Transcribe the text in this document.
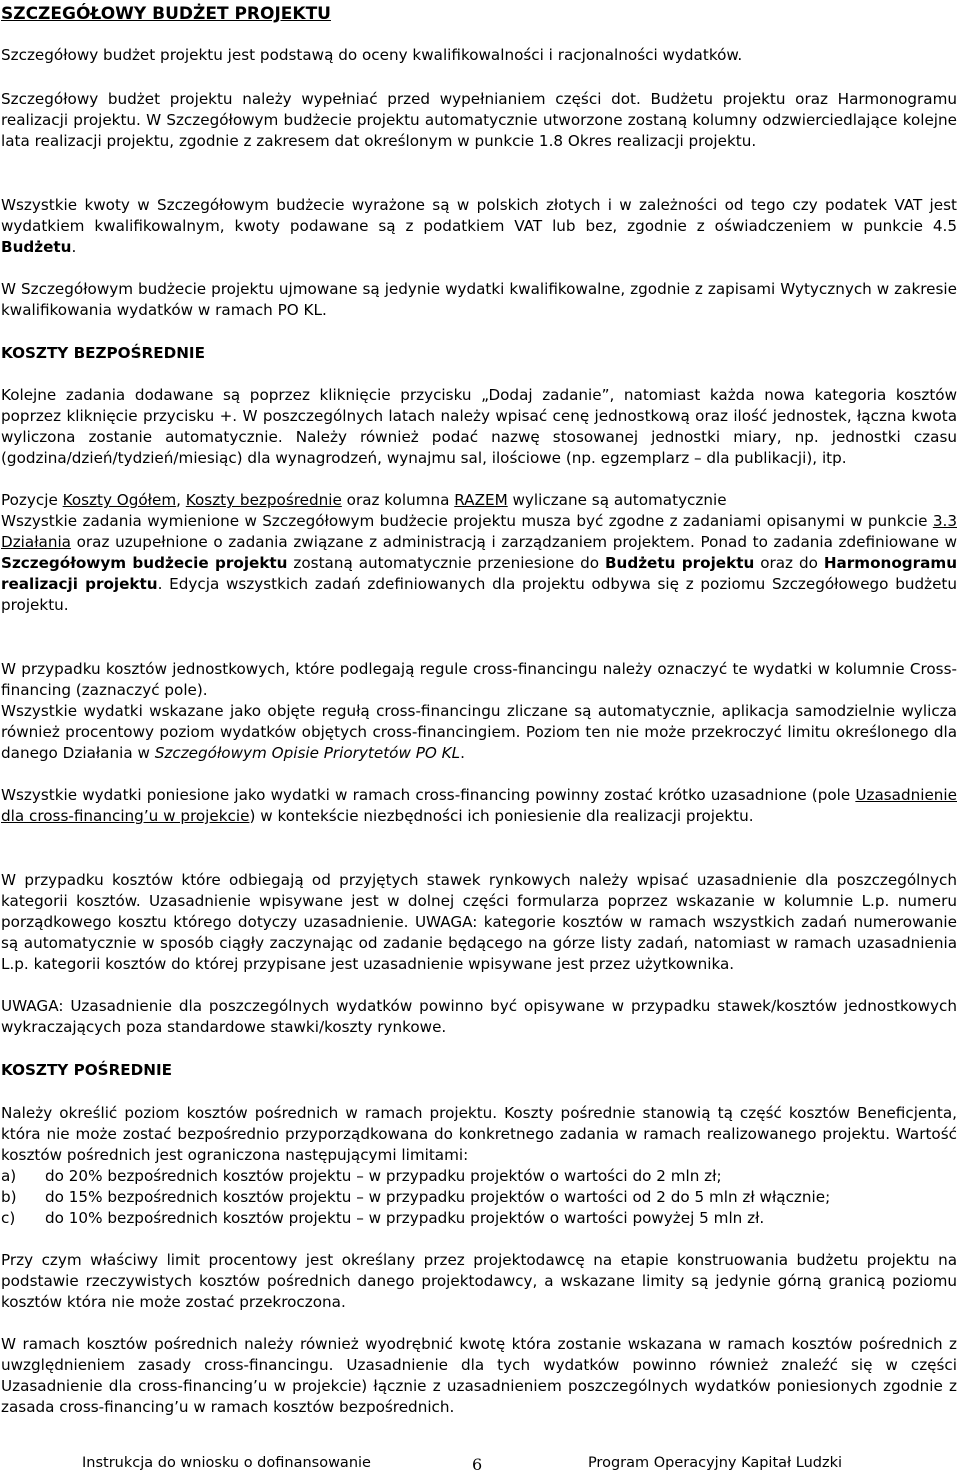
SZCZEGÓŁOWY BUDŻET PROJEKTU

Szczegółowy budżet projektu jest podstawą do oceny kwalifikowalności i racjonalności wydatków.

Szczegółowy budżet projektu należy wypełniać przed wypełnianiem części dot. Budżetu projektu oraz Harmonogramu realizacji projektu. W Szczegółowym budżecie projektu automatycznie utworzone zostaną kolumny odzwierciedlające kolejne lata realizacji projektu, zgodnie z zakresem dat określonym w punkcie 1.8 Okres realizacji projektu.

Wszystkie kwoty w Szczegółowym budżecie wyrażone są w polskich złotych i w zależności od tego czy podatek VAT jest wydatkiem kwalifikowalnym, kwoty podawane są z podatkiem VAT lub bez, zgodnie z oświadczeniem w punkcie 4.5 Budżetu.

W Szczegółowym budżecie projektu ujmowane są jedynie wydatki kwalifikowalne, zgodnie z zapisami Wytycznych w zakresie kwalifikowania wydatków w ramach PO KL.

KOSZTY BEZPOŚREDNIE

Kolejne zadania dodawane są poprzez kliknięcie przycisku „Dodaj zadanie”, natomiast każda nowa kategoria kosztów poprzez kliknięcie przycisku +. W poszczególnych latach należy wpisać cenę jednostkową oraz ilość jednostek, łączna kwota wyliczona zostanie automatycznie. Należy również podać nazwę stosowanej jednostki miary, np. jednostki czasu (godzina/dzień/tydzień/miesiąc) dla wynagrodzeń, wynajmu sal, ilościowe (np. egzemplarz – dla publikacji), itp.

Pozycje Koszty Ogółem, Koszty bezpośrednie oraz kolumna RAZEM wyliczane są automatycznie

Wszystkie zadania wymienione w Szczegółowym budżecie projektu musza być zgodne z zadaniami opisanymi w punkcie 3.3 Działania oraz uzupełnione o zadania związane z administracją i zarządzaniem projektem. Ponad to zadania zdefiniowane w Szczegółowym budżecie projektu zostaną automatycznie przeniesione do Budżetu projektu oraz do Harmonogramu realizacji projektu. Edycja wszystkich zadań zdefiniowanych dla projektu odbywa się z poziomu Szczegółowego budżetu projektu.

W przypadku kosztów jednostkowych, które podlegają regule cross-financingu należy oznaczyć te wydatki w kolumnie Cross-financing (zaznaczyć pole).

Wszystkie wydatki wskazane jako objęte regułą cross-financingu zliczane są automatycznie, aplikacja samodzielnie wylicza również procentowy poziom wydatków objętych cross-financingiem. Poziom ten nie może przekroczyć limitu określonego dla danego Działania w Szczegółowym Opisie Priorytetów PO KL.

Wszystkie wydatki poniesione jako wydatki w ramach cross-financing powinny zostać krótko uzasadnione (pole Uzasadnienie dla cross-financing’u w projekcie) w kontekście niezbędności ich poniesienie dla realizacji projektu.

W przypadku kosztów które odbiegają od przyjętych stawek rynkowych należy wpisać uzasadnienie dla poszczególnych kategorii kosztów. Uzasadnienie wpisywane jest w dolnej części formularza poprzez wskazanie w kolumnie L.p. numeru porządkowego kosztu którego dotyczy uzasadnienie. UWAGA: kategorie kosztów w ramach wszystkich zadań numerowanie są automatycznie w sposób ciągły zaczynając od zadanie będącego na górze listy zadań, natomiast w ramach uzasadnienia L.p. kategorii kosztów do której przypisane jest uzasadnienie wpisywane jest przez użytkownika.

UWAGA: Uzasadnienie dla poszczególnych wydatków powinno być opisywane w przypadku stawek/kosztów jednostkowych wykraczających poza standardowe stawki/koszty rynkowe.

KOSZTY POŚREDNIE

Należy określić poziom kosztów pośrednich w ramach projektu. Koszty pośrednie stanowią tą część kosztów Beneficjenta, która nie może zostać bezpośrednio przyporządkowana do konkretnego zadania w ramach realizowanego projektu. Wartość kosztów pośrednich jest ograniczona następującymi limitami:

a)	do 20% bezpośrednich kosztów projektu – w przypadku projektów o wartości do 2 mln zł;
b)	do 15% bezpośrednich kosztów projektu – w przypadku projektów o wartości od 2 do 5 mln zł włącznie;
c)	do 10% bezpośrednich kosztów projektu – w przypadku projektów o wartości powyżej 5 mln zł.

Przy czym właściwy limit procentowy jest określany przez projektodawcę na etapie konstruowania budżetu projektu na podstawie rzeczywistych kosztów pośrednich danego projektodawcy, a wskazane limity są jedynie górną granicą poziomu kosztów która nie może zostać przekroczona.

W ramach kosztów pośrednich należy również wyodrębnić kwotę która zostanie wskazana w ramach kosztów pośrednich z uwzględnieniem zasady cross-financingu. Uzasadnienie dla tych wydatków powinno również znaleźć się w części Uzasadnienie dla cross-financing’u w projekcie) łącznie z uzasadnieniem poszczególnych wydatków poniesionych zgodnie z zasada cross-financing’u w ramach kosztów bezpośrednich.

Instrukcja do wniosku o dofinansowanie	6	Program Operacyjny Kapitał Ludzki
